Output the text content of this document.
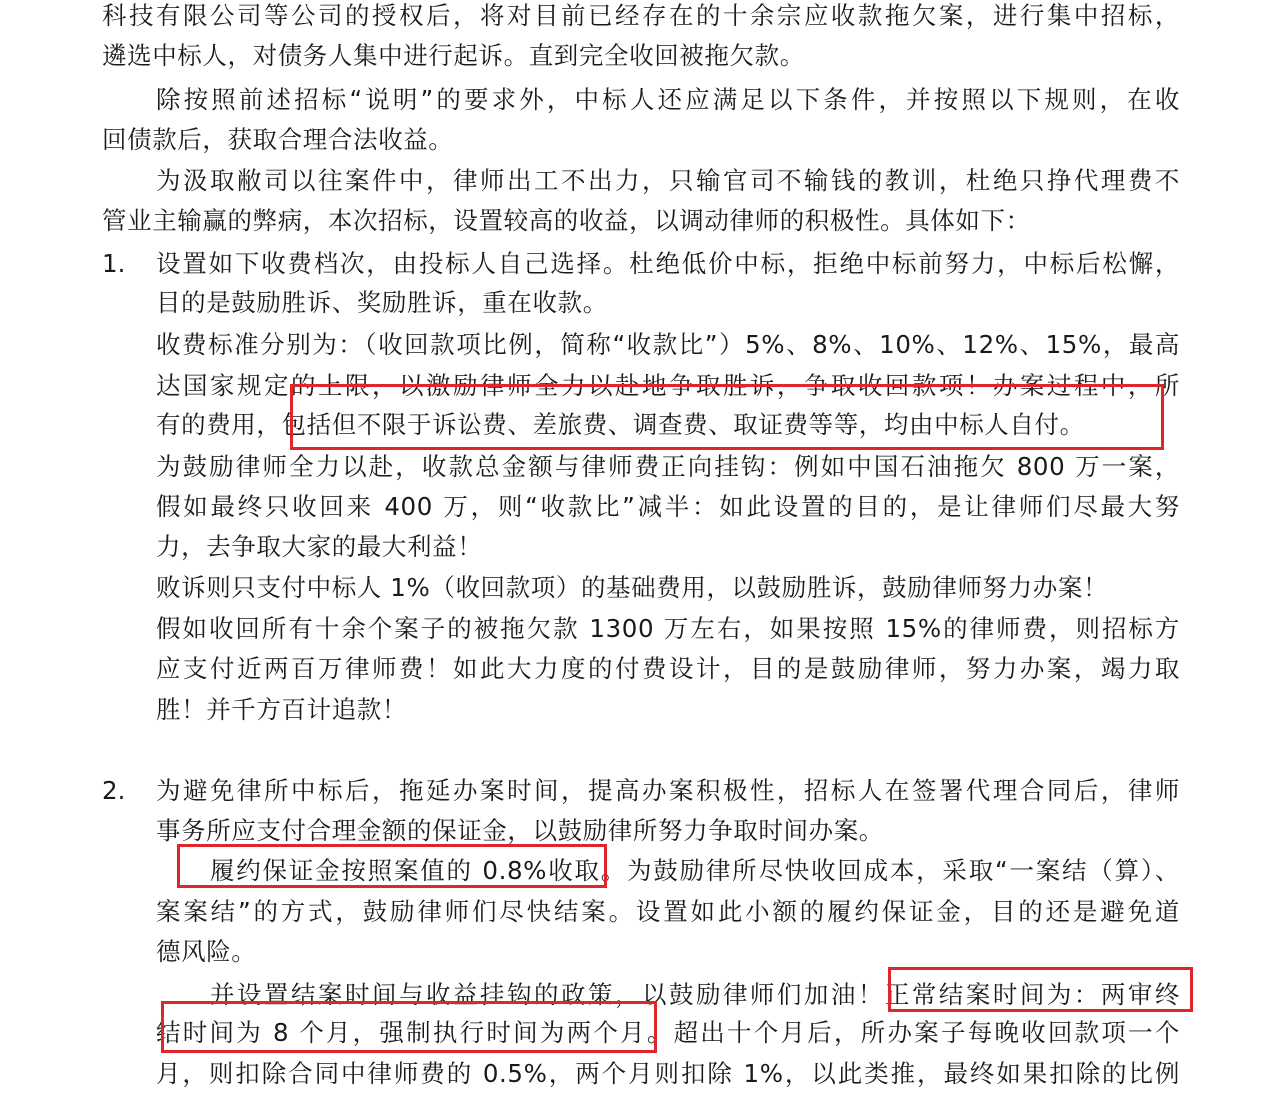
科技有限公司等公司的授权后，将对目前已经存在的十余宗应收款拖欠案，进行集中招标，
遴选中标人，对债务人集中进行起诉。直到完全收回被拖欠款。
除按照前述招标“说明”的要求外，中标人还应满足以下条件，并按照以下规则，在收
回债款后，获取合理合法收益。
为汲取敝司以往案件中，律师出工不出力，只输官司不输钱的教训，杜绝只挣代理费不
管业主输赢的弊病，本次招标，设置较高的收益，以调动律师的积极性。具体如下：
1. 设置如下收费档次，由投标人自己选择。杜绝低价中标，拒绝中标前努力，中标后松懈，
目的是鼓励胜诉、奖励胜诉，重在收款。
收费标准分别为：（收回款项比例，简称“收款比”）5%、8%、10%、12%、15%，最高
达国家规定的上限，以激励律师全力以赴地争取胜诉，争取收回款项！办案过程中，所
有的费用，包括但不限于诉讼费、差旅费、调查费、取证费等等，均由中标人自付。
为鼓励律师全力以赴，收款总金额与律师费正向挂钩：例如中国石油拖欠 800 万一案，
假如最终只收回来 400 万，则“收款比”减半：如此设置的目的，是让律师们尽最大努
力，去争取大家的最大利益！
败诉则只支付中标人 1%（收回款项）的基础费用，以鼓励胜诉，鼓励律师努力办案！
假如收回所有十余个案子的被拖欠款 1300 万左右，如果按照 15%的律师费，则招标方
应支付近两百万律师费！如此大力度的付费设计，目的是鼓励律师，努力办案，竭力取
胜！并千方百计追款！
2. 为避免律所中标后，拖延办案时间，提高办案积极性，招标人在签署代理合同后，律师
事务所应支付合理金额的保证金，以鼓励律所努力争取时间办案。
履约保证金按照案值的 0.8%收取。为鼓励律所尽快收回成本，采取“一案结（算）、
案案结”的方式，鼓励律师们尽快结案。设置如此小额的履约保证金，目的还是避免道
德风险。
并设置结案时间与收益挂钩的政策，以鼓励律师们加油！正常结案时间为：两审终
结时间为 8 个月，强制执行时间为两个月。超出十个月后，所办案子每晚收回款项一个
月，则扣除合同中律师费的 0.5%，两个月则扣除 1%，以此类推，最终如果扣除的比例
